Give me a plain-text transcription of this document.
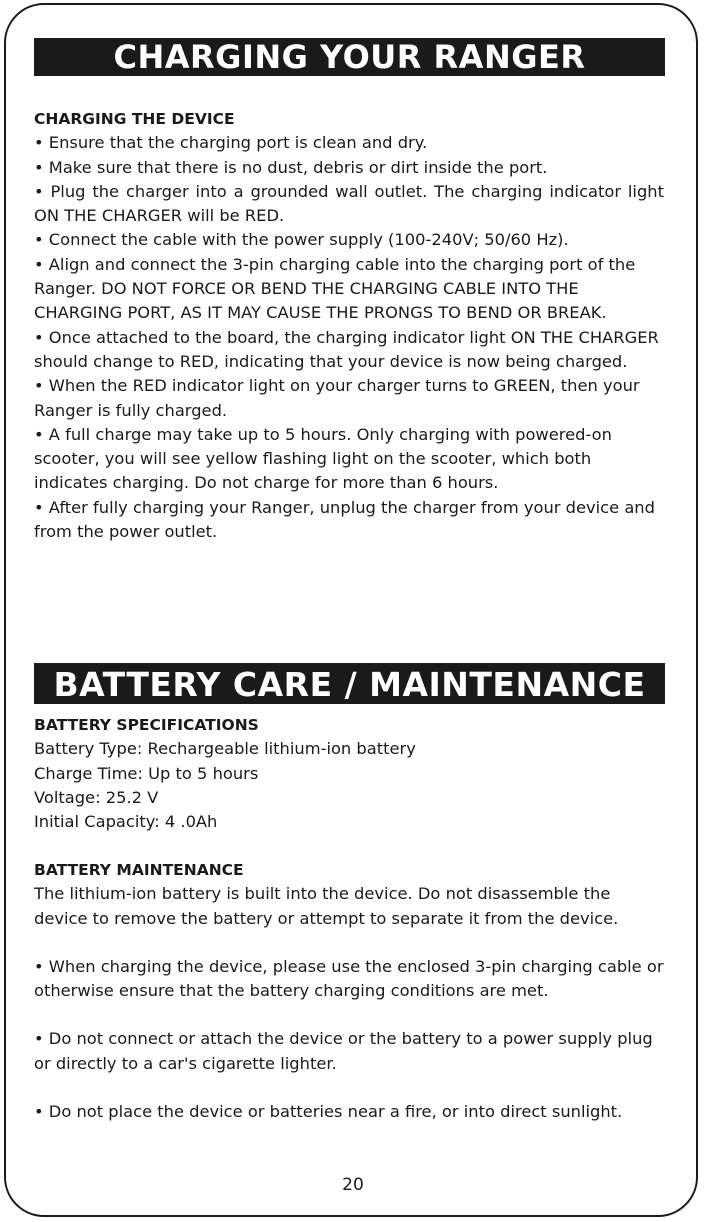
CHARGING YOUR RANGER

CHARGING THE DEVICE

• Ensure that the charging port is clean and dry.

• Make sure that there is no dust, debris or dirt inside the port.

• Plug the charger into a grounded wall outlet. The charging indicator light ON THE CHARGER will be RED.

• Connect the cable with the power supply (100-240V; 50/60 Hz).

• Align and connect the 3-pin charging cable into the charging port of the Ranger. DO NOT FORCE OR BEND THE CHARGING CABLE INTO THE CHARGING PORT, AS IT MAY CAUSE THE PRONGS TO BEND OR BREAK.

• Once attached to the board, the charging indicator light ON THE CHARGER should change to RED, indicating that your device is now being charged.

• When the RED indicator light on your charger turns to GREEN, then your Ranger is fully charged.

• A full charge may take up to 5 hours. Only charging with powered-on scooter, you will see yellow flashing light on the scooter, which both indicates charging. Do not charge for more than 6 hours.

• After fully charging your Ranger, unplug the charger from your device and from the power outlet.

BATTERY CARE / MAINTENANCE

BATTERY SPECIFICATIONS

Battery Type: Rechargeable lithium-ion battery

Charge Time: Up to 5 hours

Voltage: 25.2 V

Initial Capacity: 4 .0Ah

BATTERY MAINTENANCE

The lithium-ion battery is built into the device. Do not disassemble the device to remove the battery or attempt to separate it from the device.

• When charging the device, please use the enclosed 3-pin charging cable or otherwise ensure that the battery charging conditions are met.

• Do not connect or attach the device or the battery to a power supply plug or directly to a car's cigarette lighter.

• Do not place the device or batteries near a fire, or into direct sunlight.

20
